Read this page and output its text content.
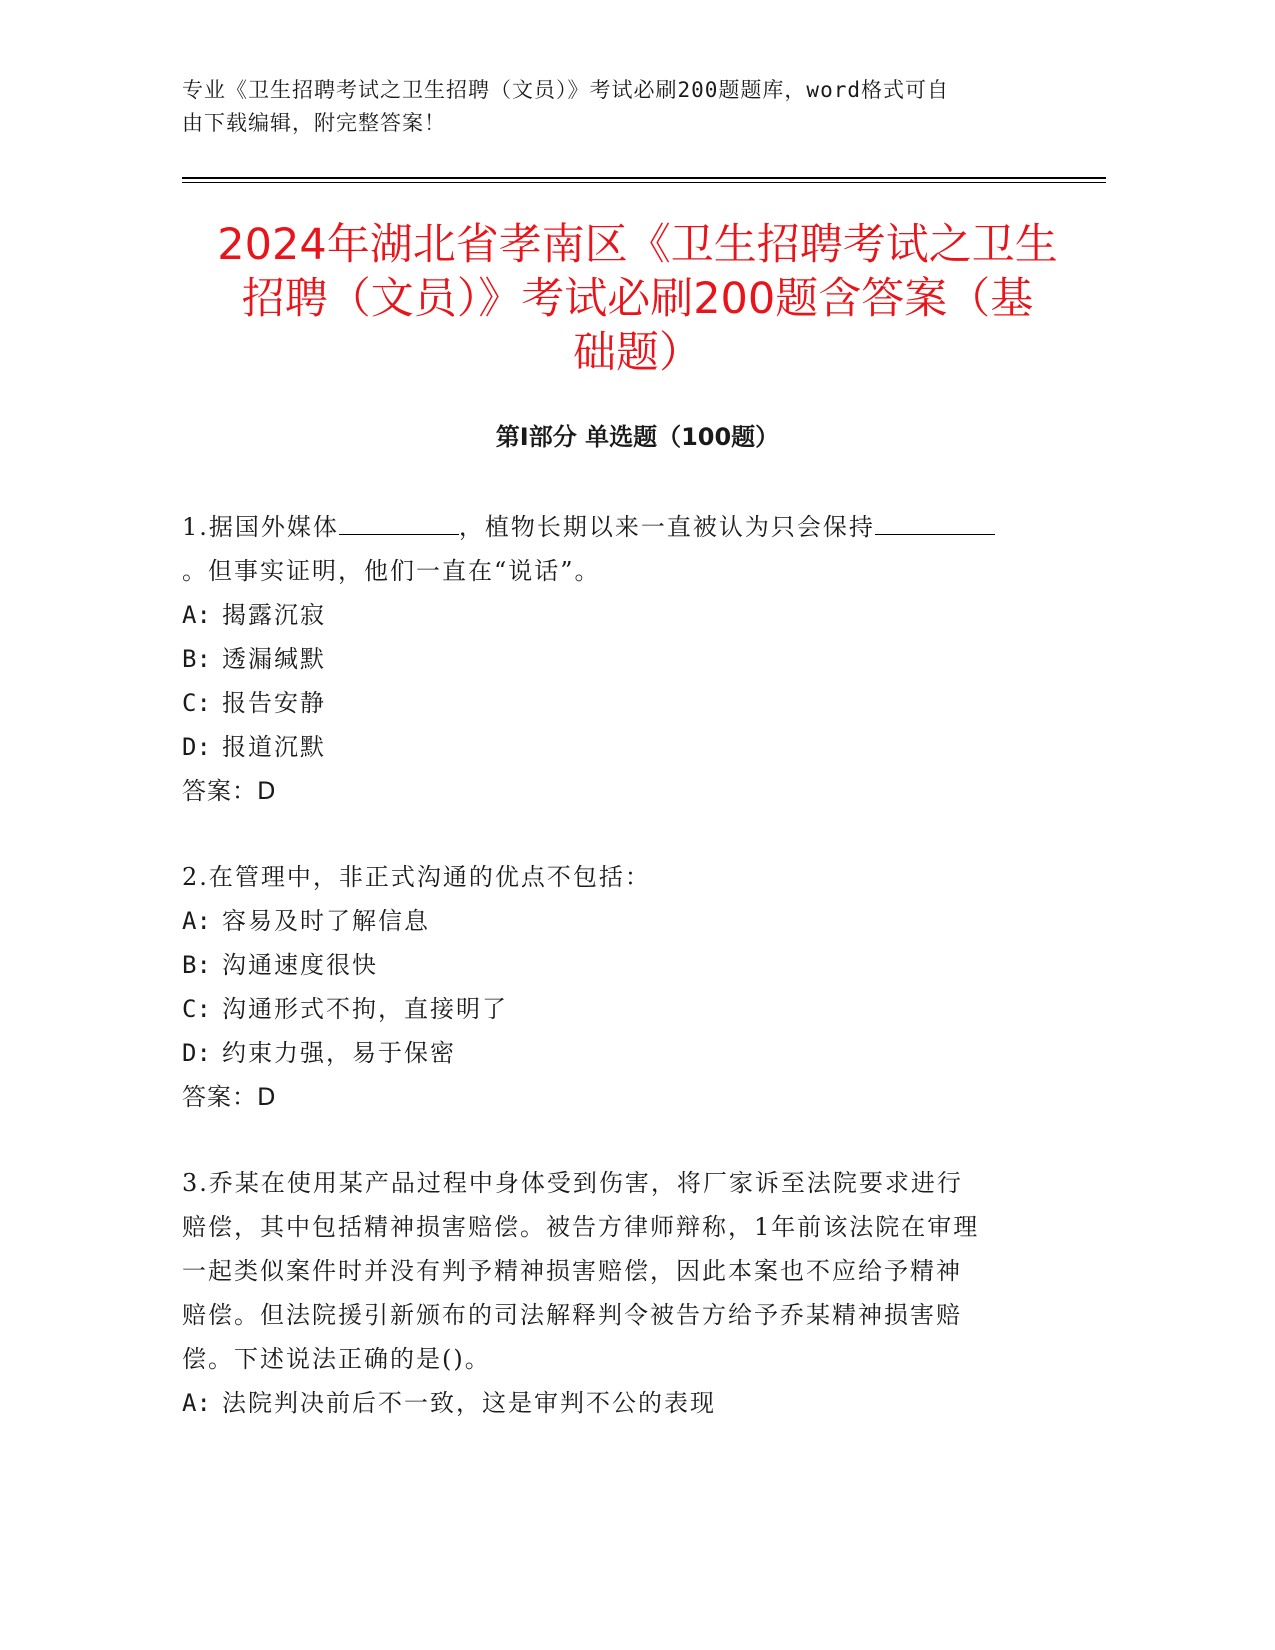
专业《卫生招聘考试之卫生招聘（文员）》考试必刷200题题库，word格式可自
由下载编辑，附完整答案！
2024年湖北省孝南区《卫生招聘考试之卫生
招聘（文员）》考试必刷200题含答案（基
础题）
第Ⅰ部分 单选题（100题）

1.据国外媒体	，植物长期以来一直被认为只会保持
。但事实证明，他们一直在“说话”。

A: 揭露沉寂

B: 透漏缄默

C: 报告安静

D: 报道沉默

答案：D

2.在管理中，非正式沟通的优点不包括：

A: 容易及时了解信息

B: 沟通速度很快

C: 沟通形式不拘，直接明了

D: 约束力强，易于保密

答案：D

3.乔某在使用某产品过程中身体受到伤害，将厂家诉至法院要求进行
赔偿，其中包括精神损害赔偿。被告方律师辩称，1年前该法院在审理
一起类似案件时并没有判予精神损害赔偿，因此本案也不应给予精神
赔偿。但法院援引新颁布的司法解释判令被告方给予乔某精神损害赔
偿。下述说法正确的是()。

A: 法院判决前后不一致，这是审判不公的表现
